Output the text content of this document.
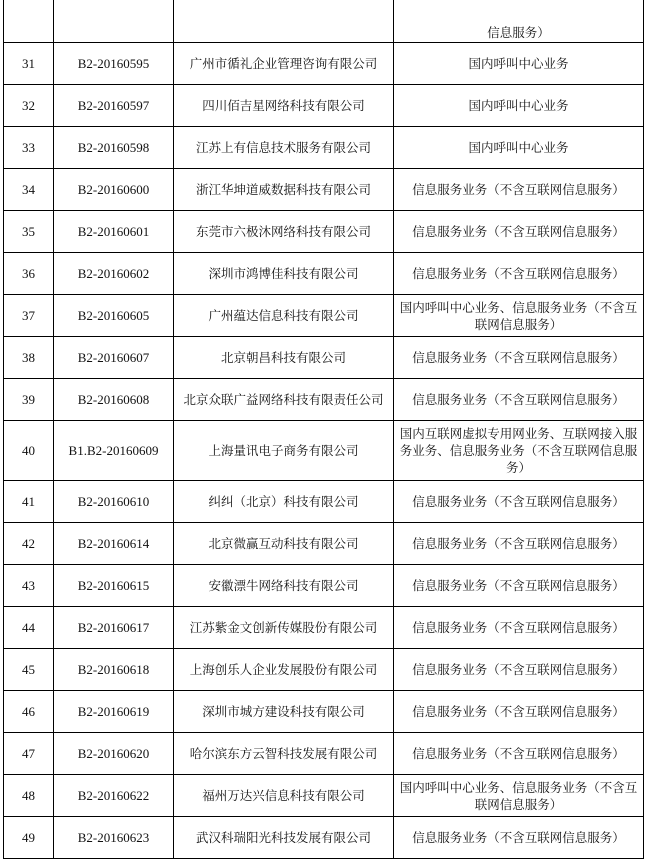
			信息服务）
31	B2-20160595	广州市循礼企业管理咨询有限公司	国内呼叫中心业务
32	B2-20160597	四川佰吉星网络科技有限公司	国内呼叫中心业务
33	B2-20160598	江苏上有信息技术服务有限公司	国内呼叫中心业务
34	B2-20160600	浙江华坤道威数据科技有限公司	信息服务业务（不含互联网信息服务）
35	B2-20160601	东莞市六极沐网络科技有限公司	信息服务业务（不含互联网信息服务）
36	B2-20160602	深圳市鸿博佳科技有限公司	信息服务业务（不含互联网信息服务）
37	B2-20160605	广州蕴达信息科技有限公司	国内呼叫中心业务、信息服务业务（不含互联网信息服务）
38	B2-20160607	北京朝昌科技有限公司	信息服务业务（不含互联网信息服务）
39	B2-20160608	北京众联广益网络科技有限责任公司	信息服务业务（不含互联网信息服务）
40	B1.B2-20160609	上海量讯电子商务有限公司	国内互联网虚拟专用网业务、互联网接入服务业务、信息服务业务（不含互联网信息服务）
41	B2-20160610	纠纠（北京）科技有限公司	信息服务业务（不含互联网信息服务）
42	B2-20160614	北京微赢互动科技有限公司	信息服务业务（不含互联网信息服务）
43	B2-20160615	安徽漂牛网络科技有限公司	信息服务业务（不含互联网信息服务）
44	B2-20160617	江苏紫金文创新传媒股份有限公司	信息服务业务（不含互联网信息服务）
45	B2-20160618	上海创乐人企业发展股份有限公司	信息服务业务（不含互联网信息服务）
46	B2-20160619	深圳市城方建设科技有限公司	信息服务业务（不含互联网信息服务）
47	B2-20160620	哈尔滨东方云智科技发展有限公司	信息服务业务（不含互联网信息服务）
48	B2-20160622	福州万达兴信息科技有限公司	国内呼叫中心业务、信息服务业务（不含互联网信息服务）
49	B2-20160623	武汉科瑞阳光科技发展有限公司	信息服务业务（不含互联网信息服务）
